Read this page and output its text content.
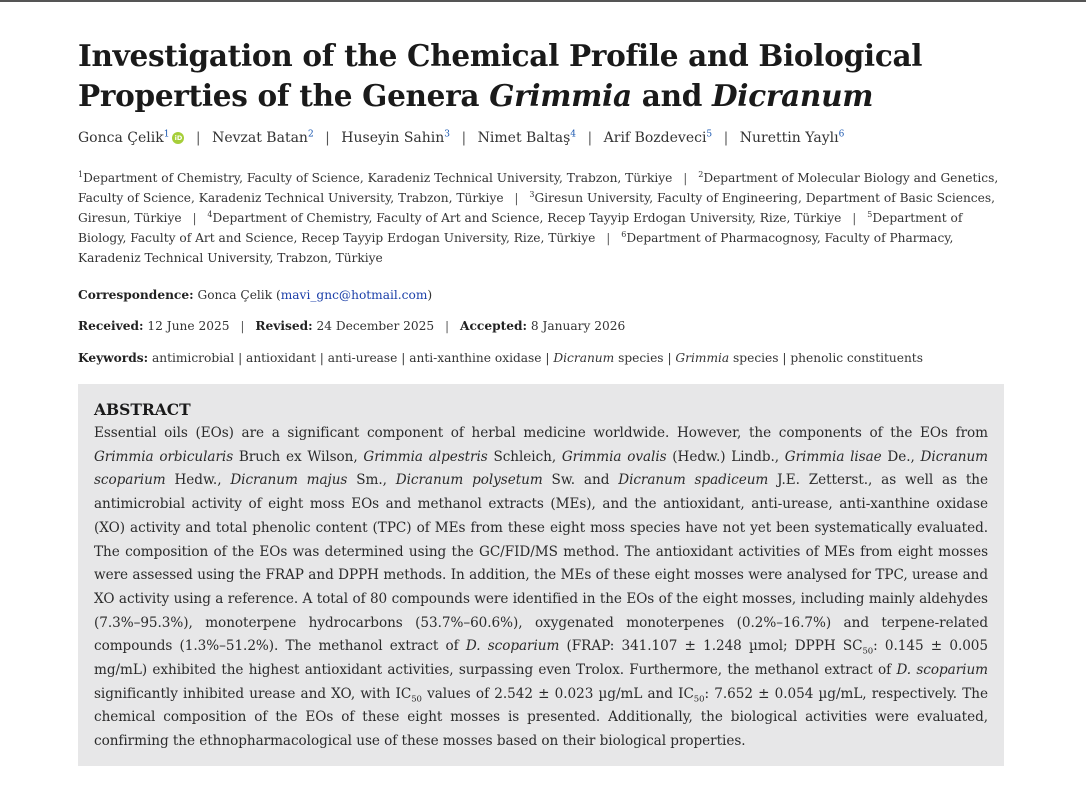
Investigation of the Chemical Profile and Biological Properties of the Genera Grimmia and Dicranum
Gonca Çelik$^1$ iD | Nevzat Batan$^2$ | Huseyin Sahin$^3$ | Nimet Baltaş$^4$ | Arif Bozdeveci$^5$ | Nurettin Yaylı$^6$
$^1$Department of Chemistry, Faculty of Science, Karadeniz Technical University, Trabzon, Türkiye | $^2$Department of Molecular Biology and Genetics, Faculty of Science, Karadeniz Technical University, Trabzon, Türkiye | $^3$Giresun University, Faculty of Engineering, Department of Basic Sciences, Giresun, Türkiye | $^4$Department of Chemistry, Faculty of Art and Science, Recep Tayyip Erdogan University, Rize, Türkiye | $^5$Department of Biology, Faculty of Art and Science, Recep Tayyip Erdogan University, Rize, Türkiye | $^6$Department of Pharmacognosy, Faculty of Pharmacy, Karadeniz Technical University, Trabzon, Türkiye
Correspondence: Gonca Çelik (mavi_gnc@hotmail.com)
Received: 12 June 2025 | Revised: 24 December 2025 | Accepted: 8 January 2026
Keywords: antimicrobial | antioxidant | anti-urease | anti-xanthine oxidase | Dicranum species | Grimmia species | phenolic constituents
ABSTRACT

Essential oils (EOs) are a significant component of herbal medicine worldwide. However, the components of the EOs from Grimmia orbicularis Bruch ex Wilson, Grimmia alpestris Schleich, Grimmia ovalis (Hedw.) Lindb., Grimmia lisae De., Dicranum scoparium Hedw., Dicranum majus Sm., Dicranum polysetum Sw. and Dicranum spadiceum J.E. Zetterst., as well as the antimicrobial activity of eight moss EOs and methanol extracts (MEs), and the antioxidant, anti-urease, anti-xanthine oxidase (XO) activity and total phenolic content (TPC) of MEs from these eight moss species have not yet been systematically evaluated. The composition of the EOs was determined using the GC/FID/MS method. The antioxidant activities of MEs from eight mosses were assessed using the FRAP and DPPH methods. In addition, the MEs of these eight mosses were analysed for TPC, urease and XO activity using a reference. A total of 80 compounds were identified in the EOs of the eight mosses, including mainly aldehydes (7.3%–95.3%), monoterpene hydrocarbons (53.7%–60.6%), oxygenated monoterpenes (0.2%–16.7%) and terpene-related compounds (1.3%–51.2%). The methanol extract of D. scoparium (FRAP: 341.107 ± 1.248 µmol; DPPH $SC_{50}$: 0.145 ± 0.005 mg/mL) exhibited the highest antioxidant activities, surpassing even Trolox. Furthermore, the methanol extract of D. scoparium significantly inhibited urease and XO, with $IC_{50}$ values of 2.542 ± 0.023 µg/mL and $IC_{50}$: 7.652 ± 0.054 µg/mL, respectively. The chemical composition of the EOs of these eight mosses is presented. Additionally, the biological activities were evaluated, confirming the ethnopharmacological use of these mosses based on their biological properties.
